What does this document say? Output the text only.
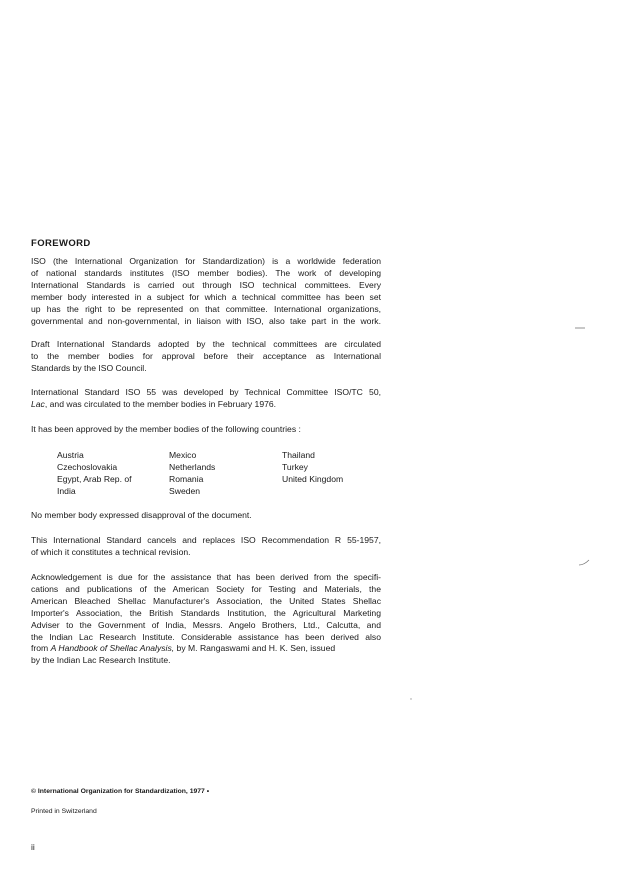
FOREWORD
ISO (the International Organization for Standardization) is a worldwide federation
of national standards institutes (ISO member bodies). The work of developing
International Standards is carried out through ISO technical committees. Every
member body interested in a subject for which a technical committee has been set
up has the right to be represented on that committee. International organizations,
governmental and non-governmental, in liaison with ISO, also take part in the work.
Draft International Standards adopted by the technical committees are circulated
to the member bodies for approval before their acceptance as International
Standards by the ISO Council.
International Standard ISO 55 was developed by Technical Committee ISO/TC 50,
Lac, and was circulated to the member bodies in February 1976.
It has been approved by the member bodies of the following countries :
Austria
Czechoslovakia
Egypt, Arab Rep. of
India
Mexico
Netherlands
Romania
Sweden
Thailand
Turkey
United Kingdom
No member body expressed disapproval of the document.
This International Standard cancels and replaces ISO Recommendation R 55-1957,
of which it constitutes a technical revision.
Acknowledgement is due for the assistance that has been derived from the specifi-
cations and publications of the American Society for Testing and Materials, the
American Bleached Shellac Manufacturer's Association, the United States Shellac
Importer's Association, the British Standards Institution, the Agricultural Marketing
Adviser to the Government of India, Messrs. Angelo Brothers, Ltd., Calcutta, and
the Indian Lac Research Institute. Considerable assistance has been derived also
from A Handbook of Shellac Analysis, by M. Rangaswami and H. K. Sen, issued
by the Indian Lac Research Institute.
© International Organization for Standardization, 1977 •
Printed in Switzerland
ii
